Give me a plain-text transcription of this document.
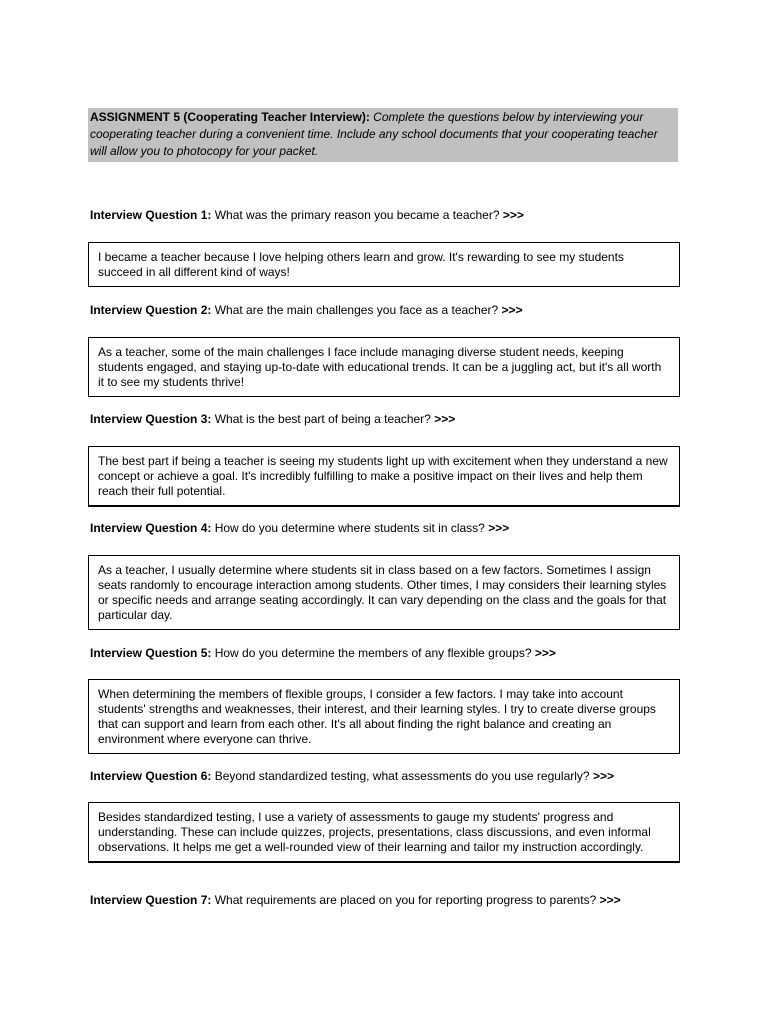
ASSIGNMENT 5 (Cooperating Teacher Interview): Complete the questions below by interviewing your cooperating teacher during a convenient time. Include any school documents that your cooperating teacher will allow you to photocopy for your packet.
Interview Question 1: What was the primary reason you became a teacher? >>>
I became a teacher because I love helping others learn and grow. It's rewarding to see my students succeed in all different kind of ways!
Interview Question 2: What are the main challenges you face as a teacher? >>>
As a teacher, some of the main challenges I face include managing diverse student needs, keeping students engaged, and staying up-to-date with educational trends. It can be a juggling act, but it's all worth it to see my students thrive!
Interview Question 3: What is the best part of being a teacher? >>>
The best part if being a teacher is seeing my students light up with excitement when they understand a new concept or achieve a goal. It's incredibly fulfilling to make a positive impact on their lives and help them reach their full potential.
Interview Question 4: How do you determine where students sit in class? >>>
As a teacher, I usually determine where students sit in class based on a few factors. Sometimes I assign seats randomly to encourage interaction among students. Other times, I may considers their learning styles or specific needs and arrange seating accordingly. It can vary depending on the class and the goals for that particular day.
Interview Question 5: How do you determine the members of any flexible groups? >>>
When determining the members of flexible groups, I consider a few factors. I may take into account students' strengths and weaknesses, their interest, and their learning styles. I try to create diverse groups that can support and learn from each other. It's all about finding the right balance and creating an environment where everyone can thrive.
Interview Question 6: Beyond standardized testing, what assessments do you use regularly? >>>
Besides standardized testing, I use a variety of assessments to gauge my students' progress and understanding. These can include quizzes, projects, presentations, class discussions, and even informal observations. It helps me get a well-rounded view of their learning and tailor my instruction accordingly.
Interview Question 7: What requirements are placed on you for reporting progress to parents? >>>
